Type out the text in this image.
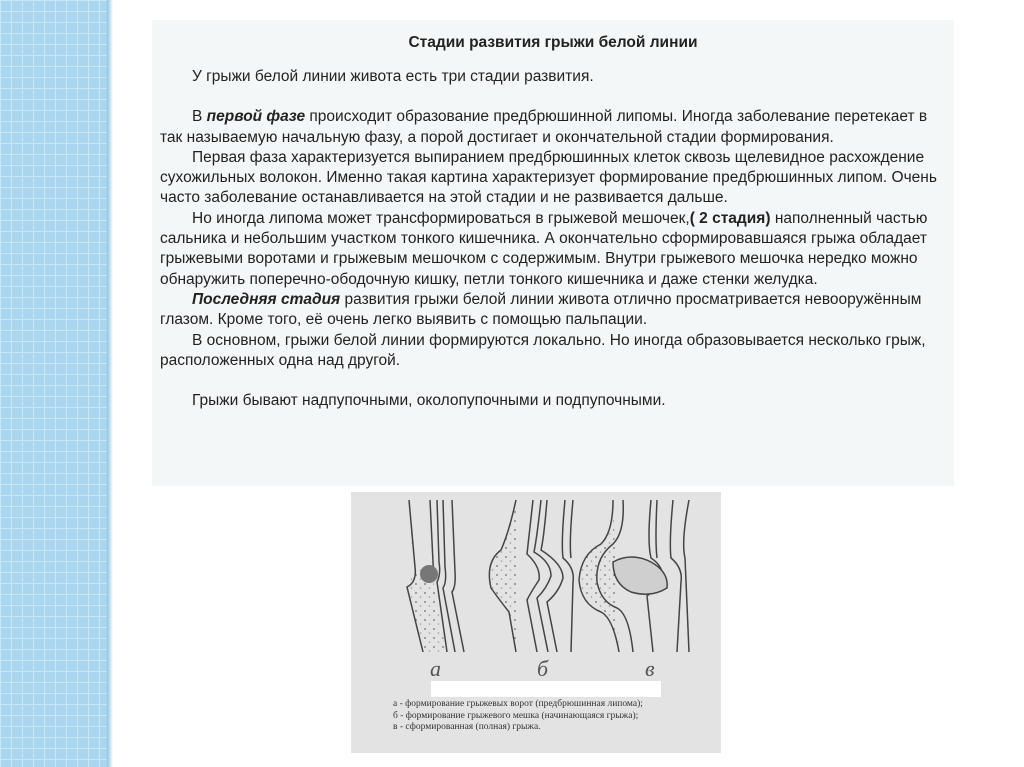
Стадии развития грыжи белой линии

У грыжи белой линии живота есть три стадии развития.

В первой фазе происходит образование предбрюшинной липомы. Иногда заболевание перетекает в так называемую начальную фазу, а порой достигает и окончательной стадии формирования.

Первая фаза характеризуется выпиранием предбрюшинных клеток сквозь щелевидное расхождение сухожильных волокон. Именно такая картина характеризует формирование предбрюшинных липом. Очень часто заболевание останавливается на этой стадии и не развивается дальше.

Но иногда липома может трансформироваться в грыжевой мешочек,( 2 стадия) наполненный частью сальника и небольшим участком тонкого кишечника. А окончательно сформировавшаяся грыжа обладает грыжевыми воротами и грыжевым мешочком с содержимым. Внутри грыжевого мешочка нередко можно обнаружить поперечно-ободочную кишку, петли тонкого кишечника и даже стенки желудка.

Последняя стадия развития грыжи белой линии живота отлично просматривается невооружённым глазом. Кроме того, её очень легко выявить с помощью пальпации.

В основном, грыжи белой линии формируются локально. Но иногда образовывается несколько грыж, расположенных одна над другой.

Грыжи бывают надпупочными, околопупочными и подпупочными.

а	б	в
а - формирование грыжевых ворот (предбрюшинная липома);
б - формирование грыжевого мешка (начинающаяся грыжа);
в - сформированная (полная) грыжа.
